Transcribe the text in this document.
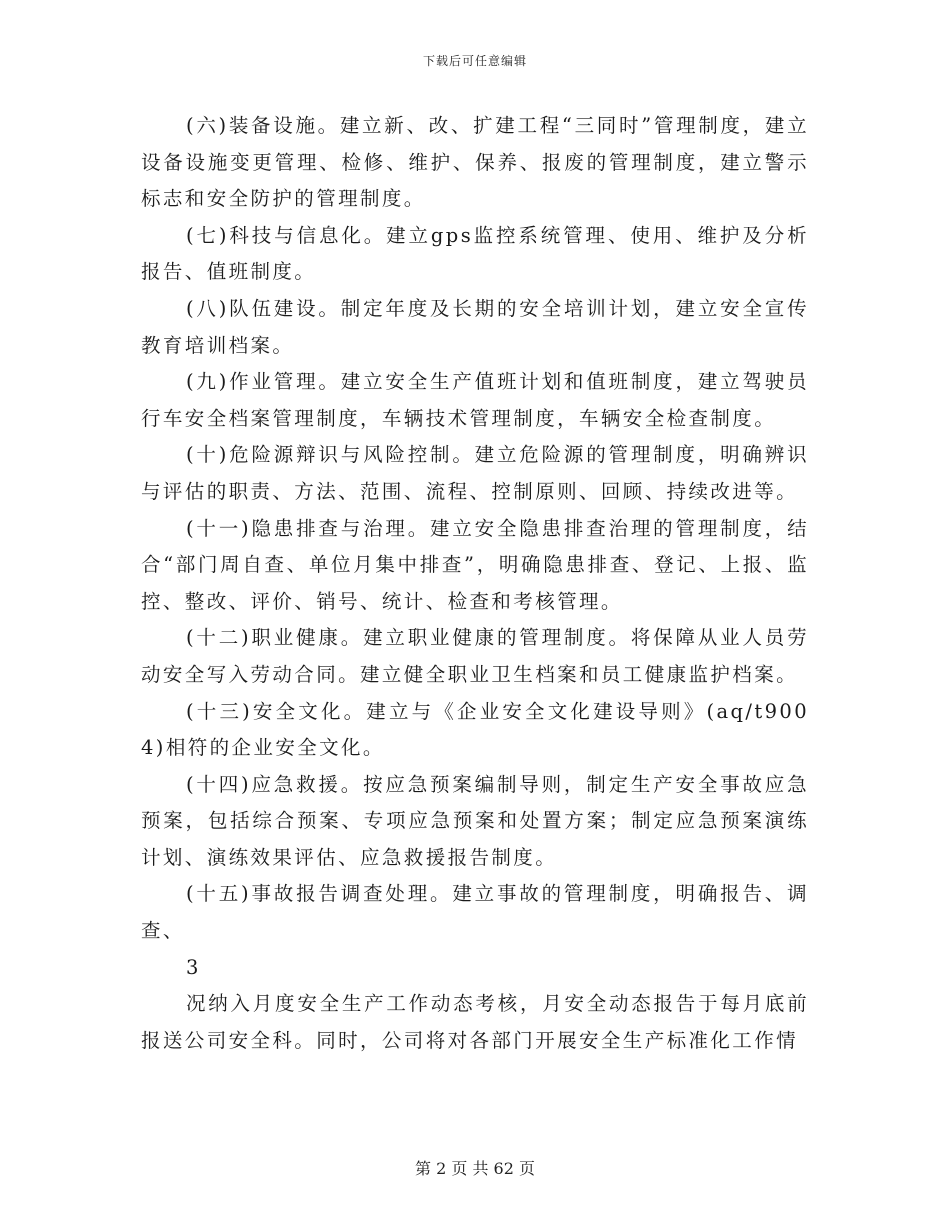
下载后可任意编辑

(六)装备设施。建立新、改、扩建工程“三同时”管理制度，建立设备设施变更管理、检修、维护、保养、报废的管理制度，建立警示标志和安全防护的管理制度。

(七)科技与信息化。建立gps监控系统管理、使用、维护及分析报告、值班制度。

(八)队伍建设。制定年度及长期的安全培训计划，建立安全宣传教育培训档案。

(九)作业管理。建立安全生产值班计划和值班制度，建立驾驶员行车安全档案管理制度，车辆技术管理制度，车辆安全检查制度。

(十)危险源辩识与风险控制。建立危险源的管理制度，明确辨识与评估的职责、方法、范围、流程、控制原则、回顾、持续改进等。

(十一)隐患排查与治理。建立安全隐患排查治理的管理制度，结合“部门周自查、单位月集中排查”，明确隐患排查、登记、上报、监控、整改、评价、销号、统计、检查和考核管理。

(十二)职业健康。建立职业健康的管理制度。将保障从业人员劳动安全写入劳动合同。建立健全职业卫生档案和员工健康监护档案。

(十三)安全文化。建立与《企业安全文化建设导则》(aq/t9004)相符的企业安全文化。

(十四)应急救援。按应急预案编制导则，制定生产安全事故应急预案，包括综合预案、专项应急预案和处置方案；制定应急预案演练计划、演练效果评估、应急救援报告制度。

(十五)事故报告调查处理。建立事故的管理制度，明确报告、调查、

3

况纳入月度安全生产工作动态考核，月安全动态报告于每月底前报送公司安全科。同时，公司将对各部门开展安全生产标准化工作情

第 2 页 共 62 页
